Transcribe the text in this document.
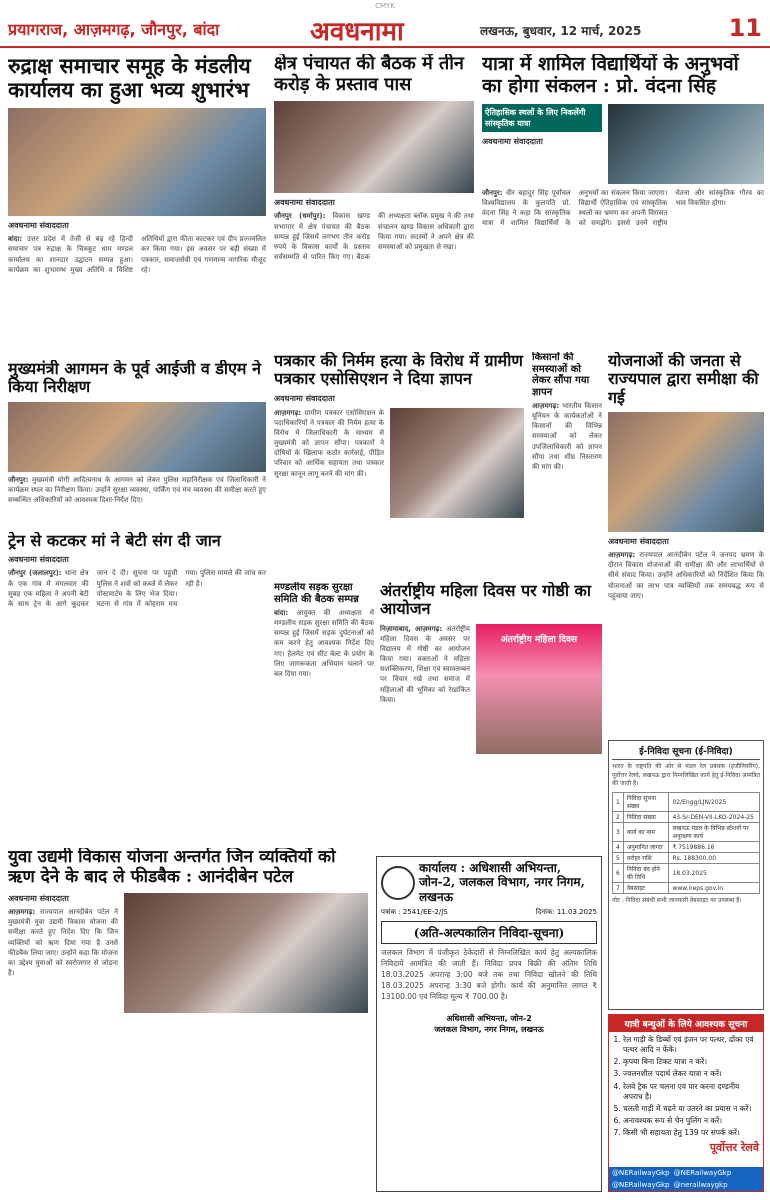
CMYK
प्रयागराज, आज़मगढ़, जौनपुर, बांदा	अवधनामा	लखनऊ, बुधवार, 12 मार्च, 2025	11
रुद्राक्ष समाचार समूह के मंडलीय कार्यालय का हुआ भव्य शुभारंभ
अवधनामा संवाददाता
बांदा: उत्तर प्रदेश में तेजी से बढ़ रहे हिन्दी समाचार पत्र रुद्राक्ष के चित्रकूट धाम मण्डल कार्यालय का शानदार उद्घाटन सम्पन्न हुआ। कार्यक्रम का शुभारम्भ मुख्य अतिथि व विशिष्ट अतिथियों द्वारा फीता काटकर एवं दीप प्रज्ज्वलित कर किया गया। इस अवसर पर बड़ी संख्या में पत्रकार, समाजसेवी एवं गणमान्य नागरिक मौजूद रहे।
क्षेत्र पंचायत की बैठक में तीन करोड़ के प्रस्ताव पास
अवधनामा संवाददाता
जौनपुर (धर्मापुर): विकास खण्ड सभागार में क्षेत्र पंचायत की बैठक सम्पन्न हुई जिसमें लगभग तीन करोड़ रुपये के विकास कार्यों के प्रस्ताव सर्वसम्मति से पारित किए गए। बैठक की अध्यक्षता ब्लॉक प्रमुख ने की तथा संचालन खण्ड विकास अधिकारी द्वारा किया गया। सदस्यों ने अपने क्षेत्र की समस्याओं को प्रमुखता से रखा।
यात्रा में शामिल विद्यार्थियों के अनुभवों का होगा संकलन : प्रो. वंदना सिंह
ऐतिहासिक स्थलों के लिए निकलेंगी सांस्कृतिक यात्रा
अवधनामा संवाददाता
जौनपुर: वीर बहादुर सिंह पूर्वांचल विश्वविद्यालय के कुलपति प्रो. वंदना सिंह ने कहा कि सांस्कृतिक यात्रा में शामिल विद्यार्थियों के अनुभवों का संकलन किया जाएगा। विद्यार्थी ऐतिहासिक एवं सांस्कृतिक स्थलों का भ्रमण कर अपनी विरासत को समझेंगे। इससे उनमें राष्ट्रीय चेतना और सांस्कृतिक गौरव का भाव विकसित होगा।
मुख्यमंत्री आगमन के पूर्व आईजी व डीएम ने किया निरीक्षण
जौनपुर: मुख्यमंत्री योगी आदित्यनाथ के आगमन को लेकर पुलिस महानिरीक्षक एवं जिलाधिकारी ने कार्यक्रम स्थल का निरीक्षण किया। उन्होंने सुरक्षा व्यवस्था, पार्किंग एवं मंच व्यवस्था की समीक्षा करते हुए सम्बन्धित अधिकारियों को आवश्यक दिशा-निर्देश दिए।
पत्रकार की निर्मम हत्या के विरोध में ग्रामीण पत्रकार एसोसिएशन ने दिया ज्ञापन
अवधनामा संवाददाता
आज़मगढ़: ग्रामीण पत्रकार एसोसिएशन के पदाधिकारियों ने पत्रकार की निर्मम हत्या के विरोध में जिलाधिकारी के माध्यम से मुख्यमंत्री को ज्ञापन सौंपा। पत्रकारों ने दोषियों के खिलाफ कठोर कार्रवाई, पीड़ित परिवार को आर्थिक सहायता तथा पत्रकार सुरक्षा कानून लागू करने की मांग की।
किसानों की समस्याओं को लेकर सौंपा गया ज्ञापन
आज़मगढ़: भारतीय किसान यूनियन के कार्यकर्ताओं ने किसानों की विभिन्न समस्याओं को लेकर उपजिलाधिकारी को ज्ञापन सौंपा तथा शीघ्र निस्तारण की मांग की।
योजनाओं की जनता से राज्यपाल द्वारा समीक्षा की गई
अवधनामा संवाददाता
आज़मगढ़: राज्यपाल आनंदीबेन पटेल ने जनपद भ्रमण के दौरान विकास योजनाओं की समीक्षा की और लाभार्थियों से सीधे संवाद किया। उन्होंने अधिकारियों को निर्देशित किया कि योजनाओं का लाभ पात्र व्यक्तियों तक समयबद्ध रूप से पहुंचाया जाए।
ट्रेन से कटकर मां ने बेटी संग दी जान
अवधनामा संवाददाता
जौनपुर (जलालपुर): थाना क्षेत्र के एक गांव में मंगलवार की सुबह एक महिला ने अपनी बेटी के साथ ट्रेन के आगे कूदकर जान दे दी। सूचना पर पहुंची पुलिस ने शवों को कब्जे में लेकर पोस्टमार्टम के लिए भेज दिया। घटना से गांव में कोहराम मच गया। पुलिस मामले की जांच कर रही है।	मण्डलीय सड़क सुरक्षा समिति की बैठक सम्पन्न
बांदा: आयुक्त की अध्यक्षता में मण्डलीय सड़क सुरक्षा समिति की बैठक सम्पन्न हुई जिसमें सड़क दुर्घटनाओं को कम करने हेतु आवश्यक निर्देश दिए गए। हेलमेट एवं सीट बेल्ट के प्रयोग के लिए जागरूकता अभियान चलाने पर बल दिया गया।
अंतर्राष्ट्रीय महिला दिवस पर गोष्ठी का आयोजन
निज़ामाबाद, आज़मगढ़: अंतर्राष्ट्रीय महिला दिवस के अवसर पर विद्यालय में गोष्ठी का आयोजन किया गया। वक्ताओं ने महिला सशक्तिकरण, शिक्षा एवं स्वावलम्बन पर विचार रखे तथा समाज में महिलाओं की भूमिका को रेखांकित किया।
अंतर्राष्ट्रीय महिला दिवस
ई-निविदा सूचना (ई-निविदा)
भारत के राष्ट्रपति की ओर से मंडल रेल प्रबंधक (इंजीनियरिंग), पूर्वोत्तर रेलवे, लखनऊ द्वारा निम्नलिखित कार्य हेतु ई-निविदा आमंत्रित की जाती है।
1	निविदा सूचना संख्या	02/Engg/LJN/2025
2	निविदा संख्या	43-Sr-DEN-VII-LKO-2024-25
3	कार्य का नाम	लखनऊ मंडल के विभिन्न स्टेशनों पर अनुरक्षण कार्य
4	अनुमानित लागत	₹ 7519886.16
5	धरोहर राशि	Rs. 188300.00
6	निविदा बंद होने की तिथि	18.03.2025
7	वेबसाइट	www.ireps.gov.in
नोट : निविदा संबंधी सभी जानकारी वेबसाइट पर उपलब्ध है।
युवा उद्यमी विकास योजना अन्तर्गत जिन व्यक्तियों को ऋण देने के बाद ले फीडबैक : आनंदीबेन पटेल
अवधनामा संवाददाता
आज़मगढ़: राज्यपाल आनंदीबेन पटेल ने मुख्यमंत्री युवा उद्यमी विकास योजना की समीक्षा करते हुए निर्देश दिए कि जिन व्यक्तियों को ऋण दिया गया है उनसे फीडबैक लिया जाए। उन्होंने कहा कि योजना का उद्देश्य युवाओं को स्वरोजगार से जोड़ना है।
कार्यालय : अधिशासी अभियन्ता, जोन-2, जलकल विभाग, नगर निगम, लखनऊ
पत्रांक : 2541/EE-2/JS	दिनांक: 11.03.2025
(अति-अल्पकालिन निविदा-सूचना)
जलकल विभाग में पंजीकृत ठेकेदारों से निम्नलिखित कार्य हेतु अल्पकालिक निविदायें आमंत्रित की जाती हैं। निविदा प्रपत्र बिक्री की अंतिम तिथि 18.03.2025 अपरान्ह 3:00 बजे तक तथा निविदा खोलने की तिथि 18.03.2025 अपरान्ह 3:30 बजे होगी। कार्य की अनुमानित लागत ₹ 13100.00 एवं निविदा मूल्य ₹ 700.00 है।
अधिशासी अभियन्ता, जोन-2
जलकल विभाग, नगर निगम, लखनऊ	यात्री बन्धुओं के लिये आवश्यक सूचना
1. रेल गाड़ी के डिब्बों एवं इंजन पर पत्थर, ढोंका एवं पत्थर आदि न फेंकें।
2. कृपया बिना टिकट यात्रा न करें।
3. ज्वलनशील पदार्थ लेकर यात्रा न करें।
4. रेलवे ट्रैक पर चलना एवं पार करना दण्डनीय अपराध है।
5. चलती गाड़ी में चढ़ने या उतरने का प्रयास न करें।
6. अनावश्यक रूप से चेन पुलिंग न करें।
7. किसी भी सहायता हेतु 139 पर संपर्क करें।
पूर्वोत्तर रेलवे
@NERailwayGkp @NERailwayGkp
@NERailwayGkp @nerailwaygkp
